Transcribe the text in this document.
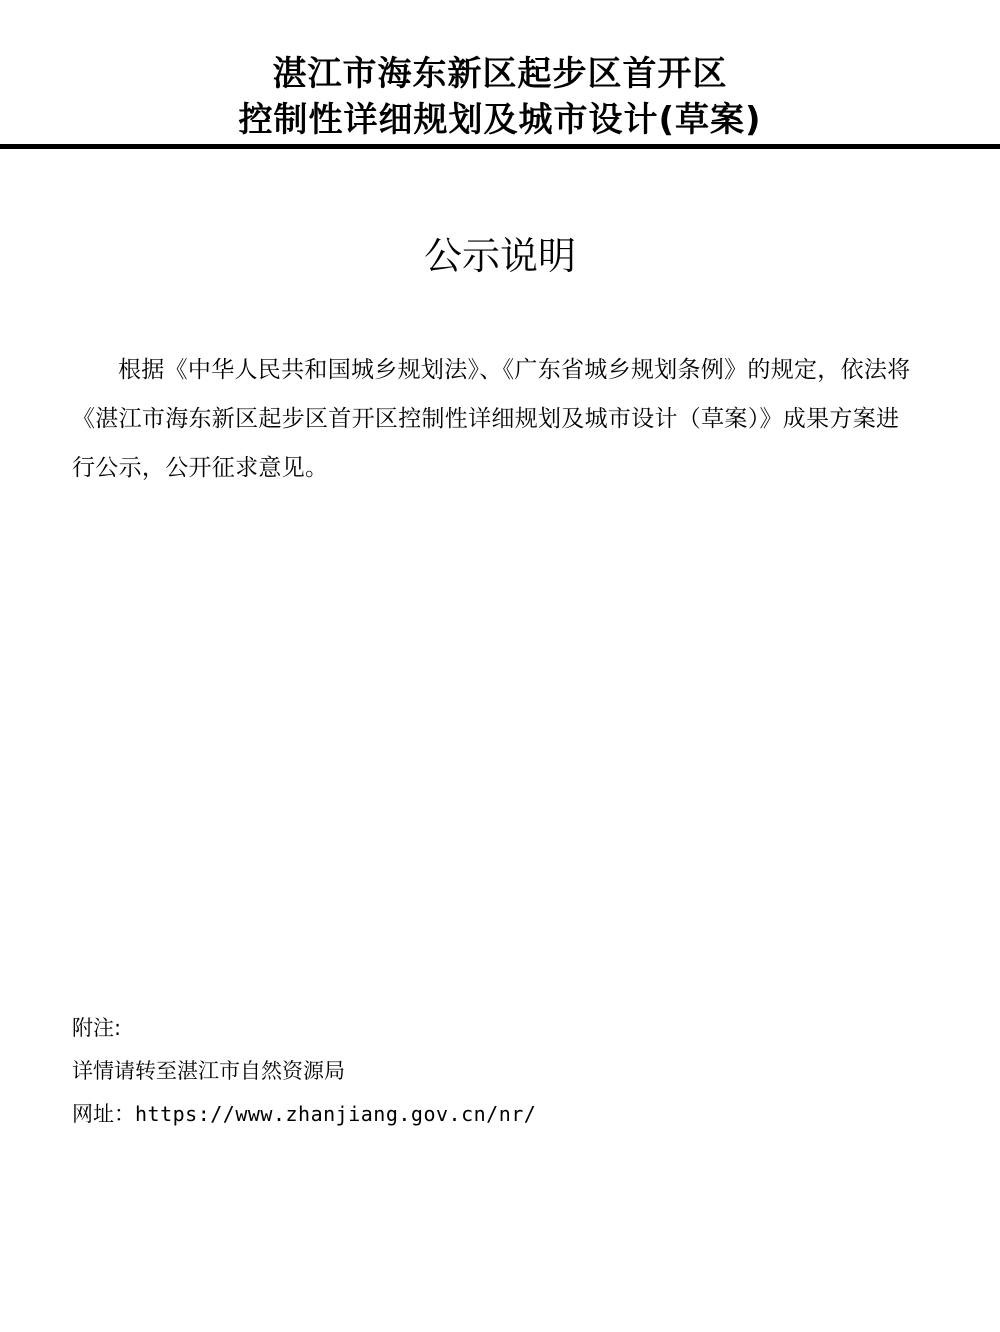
湛江市海东新区起步区首开区
控制性详细规划及城市设计(草案)
公示说明
根据《中华人民共和国城乡规划法》、《广东省城乡规划条例》的规定，依法将《湛江市海东新区起步区首开区控制性详细规划及城市设计（草案）》成果方案进行公示，公开征求意见。
附注:
详情请转至湛江市自然资源局
网址：https://www.zhanjiang.gov.cn/nr/
